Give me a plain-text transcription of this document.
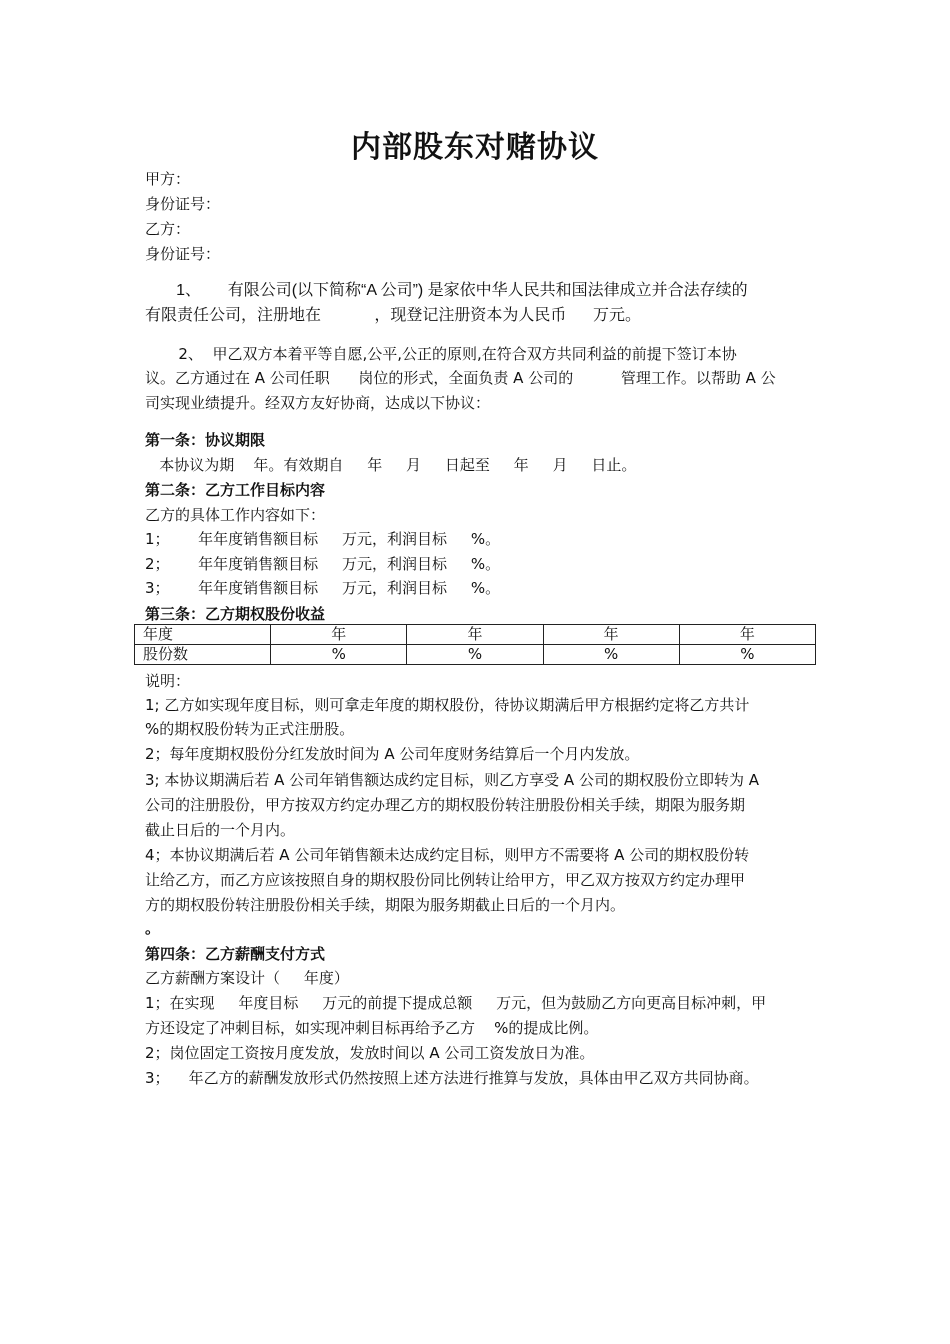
内部股东对赌协议
甲方：
身份证号：
乙方：
身份证号：
1、      有限公司(以下简称“A 公司”) 是家依中华人民共和国法律成立并合法存续的
有限责任公司，注册地在            ，现登记注册资本为人民币      万元。
2、  甲乙双方本着平等自愿,公平,公正的原则,在符合双方共同利益的前提下签订本协
议。乙方通过在 A 公司任职      岗位的形式，全面负责 A 公司的          管理工作。以帮助 A 公
司实现业绩提升。经双方友好协商，达成以下协议：
第一条：协议期限
本协议为期    年。有效期自     年     月     日起至     年     月     日止。
第二条：乙方工作目标内容
乙方的具体工作内容如下：
1；      年年度销售额目标     万元，利润目标     %。
2；      年年度销售额目标     万元，利润目标     %。
3；      年年度销售额目标     万元，利润目标     %。
第三条：乙方期权股份收益
年度	年	年	年	年
股份数	%	%	%	%
说明：
1; 乙方如实现年度目标，则可拿走年度的期权股份，待协议期满后甲方根据约定将乙方共计
%的期权股份转为正式注册股。
2；每年度期权股份分红发放时间为 A 公司年度财务结算后一个月内发放。
3; 本协议期满后若 A 公司年销售额达成约定目标，则乙方享受 A 公司的期权股份立即转为 A
公司的注册股份，甲方按双方约定办理乙方的期权股份转注册股份相关手续，期限为服务期
截止日后的一个月内。
4；本协议期满后若 A 公司年销售额未达成约定目标，则甲方不需要将 A 公司的期权股份转
让给乙方，而乙方应该按照自身的期权股份同比例转让给甲方，甲乙双方按双方约定办理甲
方的期权股份转注册股份相关手续，期限为服务期截止日后的一个月内。
。
第四条：乙方薪酬支付方式
乙方薪酬方案设计（     年度）
1；在实现     年度目标     万元的前提下提成总额     万元，但为鼓励乙方向更高目标冲刺，甲
方还设定了冲刺目标，如实现冲刺目标再给予乙方    %的提成比例。
2；岗位固定工资按月度发放，发放时间以 A 公司工资发放日为准。
3；    年乙方的薪酬发放形式仍然按照上述方法进行推算与发放，具体由甲乙双方共同协商。
